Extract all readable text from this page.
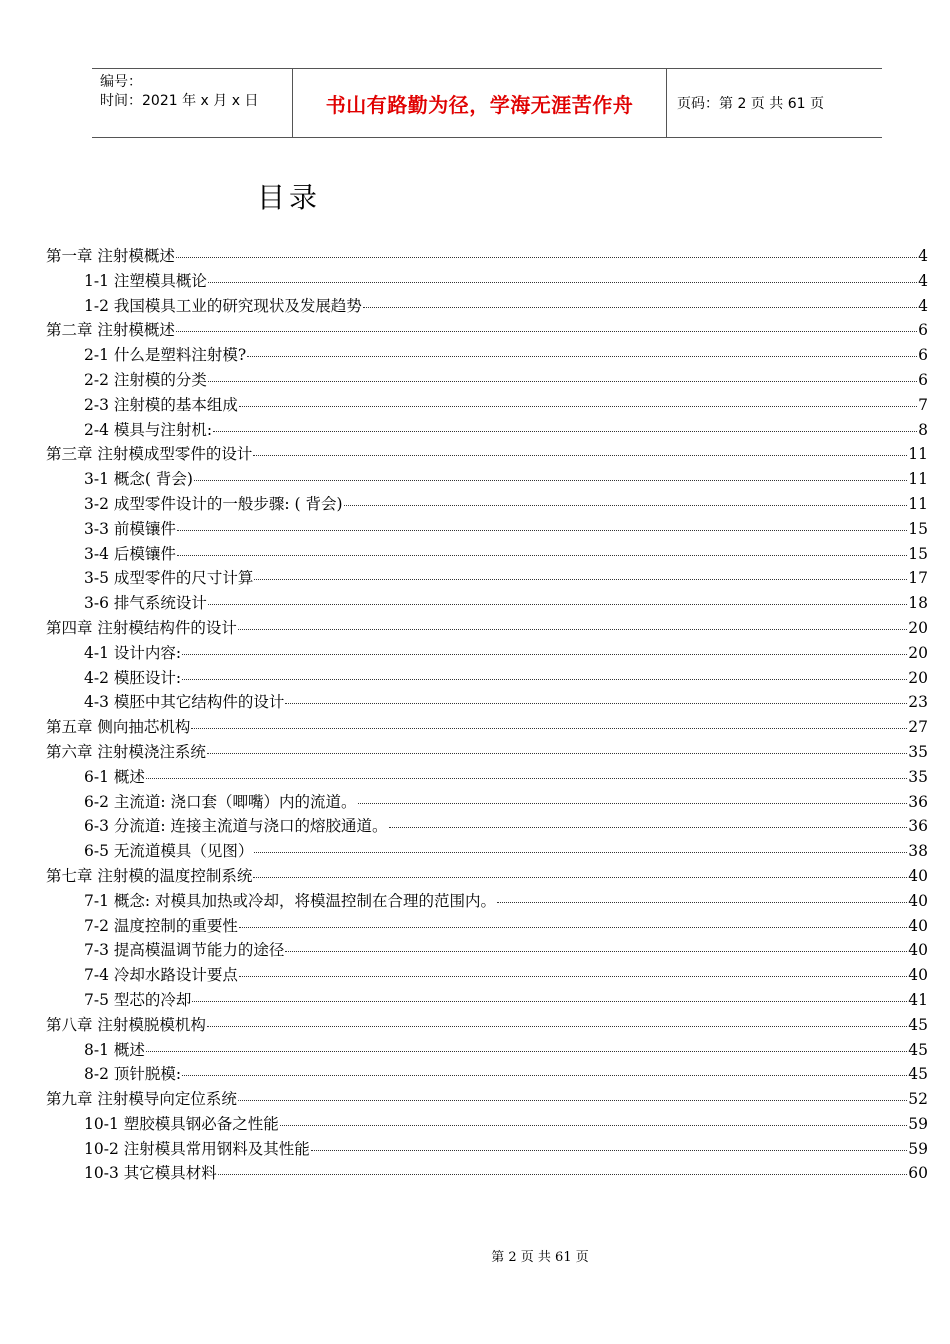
编号：
时间：2021 年 x 月 x 日	书山有路勤为径，学海无涯苦作舟	页码：第 2 页 共 61 页
目录
第一章 注射模概述	4
1-1 注塑模具概论	4
1-2 我国模具工业的研究现状及发展趋势	4
第二章 注射模概述	6
2-1 什么是塑料注射模?	6
2-2 注射模的分类	6
2-3 注射模的基本组成	7
2-4 模具与注射机:	8
第三章 注射模成型零件的设计	11
3-1 概念( 背会)	11
3-2 成型零件设计的一般步骤: ( 背会)	11
3-3 前模镶件	15
3-4 后模镶件	15
3-5 成型零件的尺寸计算	17
3-6 排气系统设计	18
第四章 注射模结构件的设计	20
4-1 设计内容:	20
4-2 模胚设计:	20
4-3 模胚中其它结构件的设计	23
第五章 侧向抽芯机构	27
第六章 注射模浇注系统	35
6-1 概述	35
6-2 主流道: 浇口套（唧嘴）内的流道。	36
6-3 分流道: 连接主流道与浇口的熔胶通道。	36
6-5 无流道模具（见图）	38
第七章 注射模的温度控制系统	40
7-1 概念: 对模具加热或冷却，将模温控制在合理的范围内。	40
7-2 温度控制的重要性	40
7-3 提高模温调节能力的途径	40
7-4 冷却水路设计要点	40
7-5 型芯的冷却	41
第八章 注射模脱模机构	45
8-1 概述	45
8-2 顶针脱模:	45
第九章 注射模导向定位系统	52
10-1 塑胶模具钢必备之性能	59
10-2 注射模具常用钢料及其性能	59
10-3 其它模具材料	60
第 2 页 共 61 页
